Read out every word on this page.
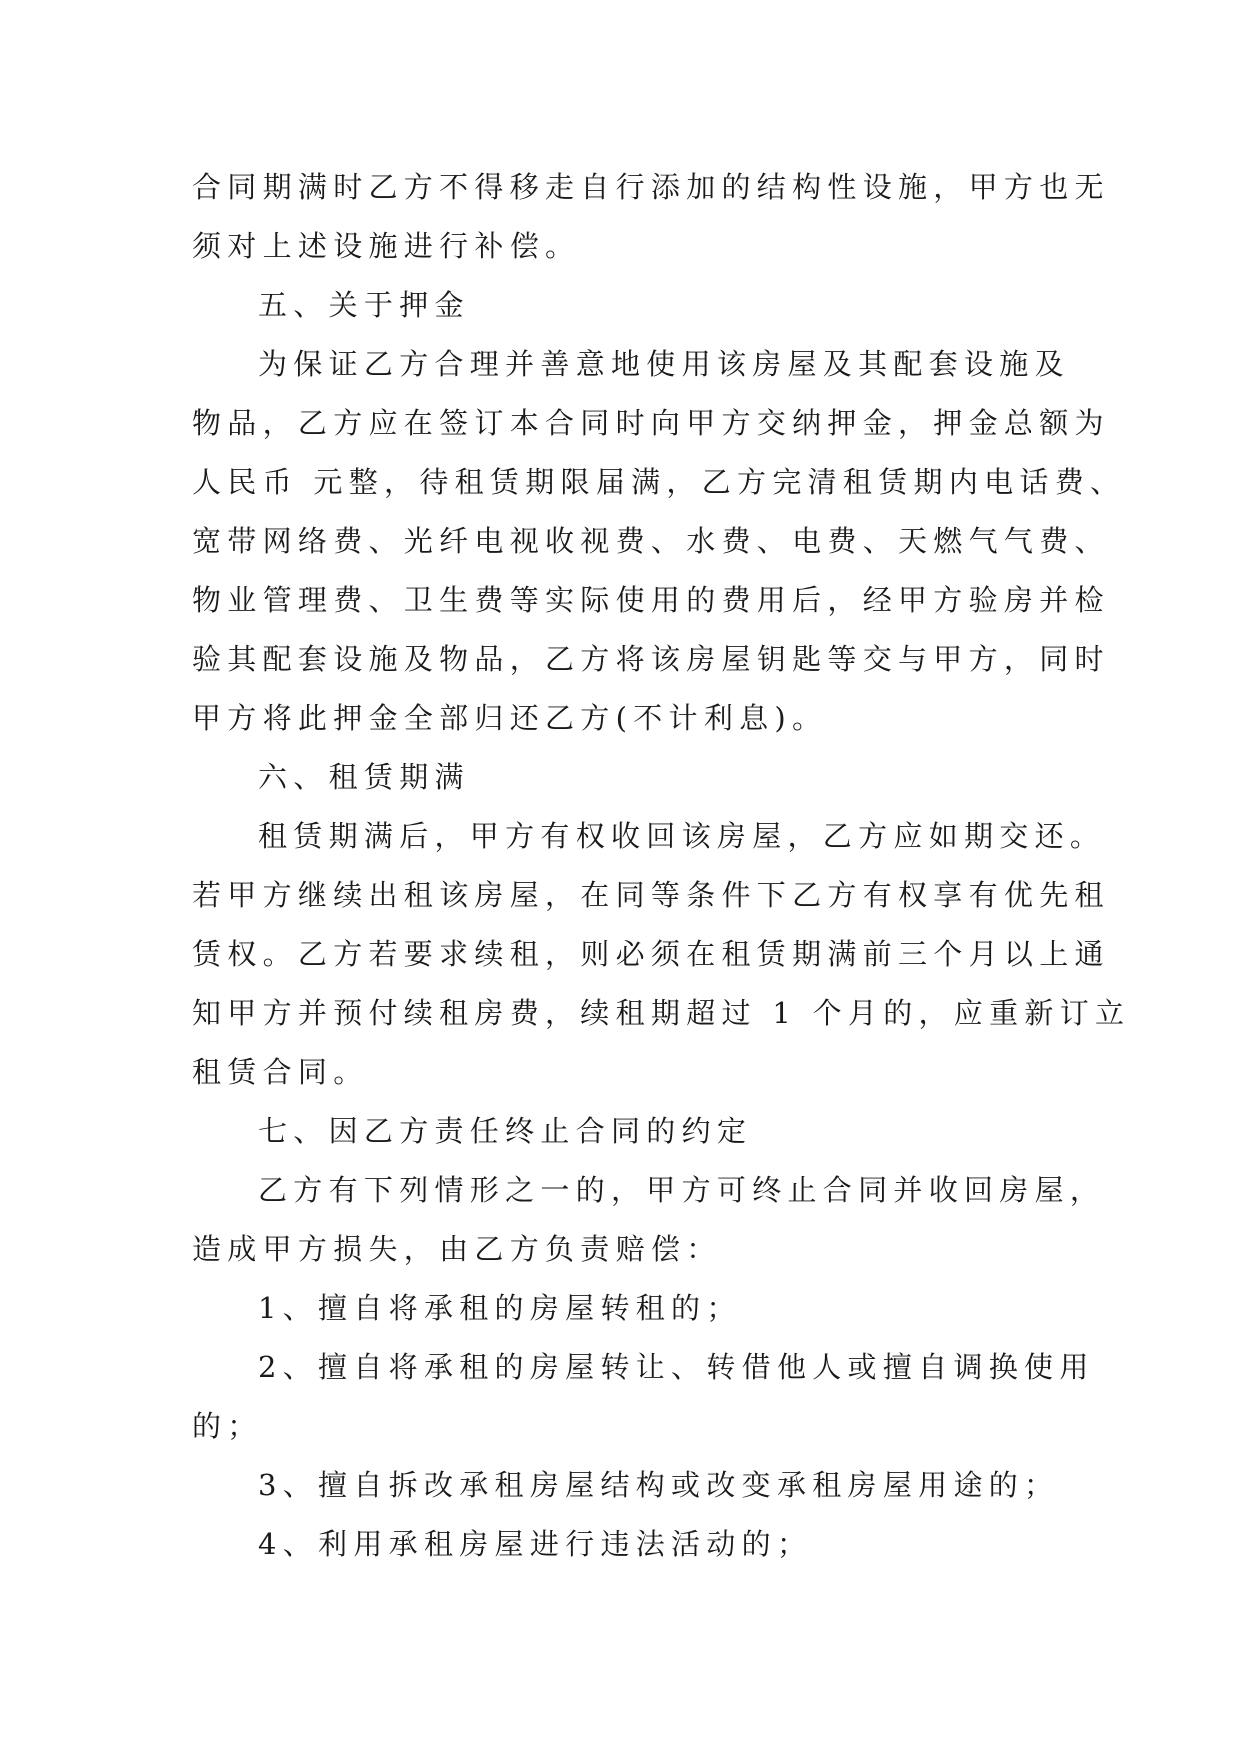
合同期满时乙方不得移走自行添加的结构性设施，甲方也无
须对上述设施进行补偿。
五、关于押金
为保证乙方合理并善意地使用该房屋及其配套设施及
物品，乙方应在签订本合同时向甲方交纳押金，押金总额为
人民币 元整，待租赁期限届满，乙方完清租赁期内电话费、
宽带网络费、光纤电视收视费、水费、电费、天燃气气费、
物业管理费、卫生费等实际使用的费用后，经甲方验房并检
验其配套设施及物品，乙方将该房屋钥匙等交与甲方，同时
甲方将此押金全部归还乙方(不计利息)。
六、租赁期满
租赁期满后，甲方有权收回该房屋，乙方应如期交还。
若甲方继续出租该房屋，在同等条件下乙方有权享有优先租
赁权。乙方若要求续租，则必须在租赁期满前三个月以上通
知甲方并预付续租房费，续租期超过 1 个月的，应重新订立
租赁合同。
七、因乙方责任终止合同的约定
乙方有下列情形之一的，甲方可终止合同并收回房屋，
造成甲方损失，由乙方负责赔偿：
1、擅自将承租的房屋转租的；
2、擅自将承租的房屋转让、转借他人或擅自调换使用
的；
3、擅自拆改承租房屋结构或改变承租房屋用途的；
4、利用承租房屋进行违法活动的；
